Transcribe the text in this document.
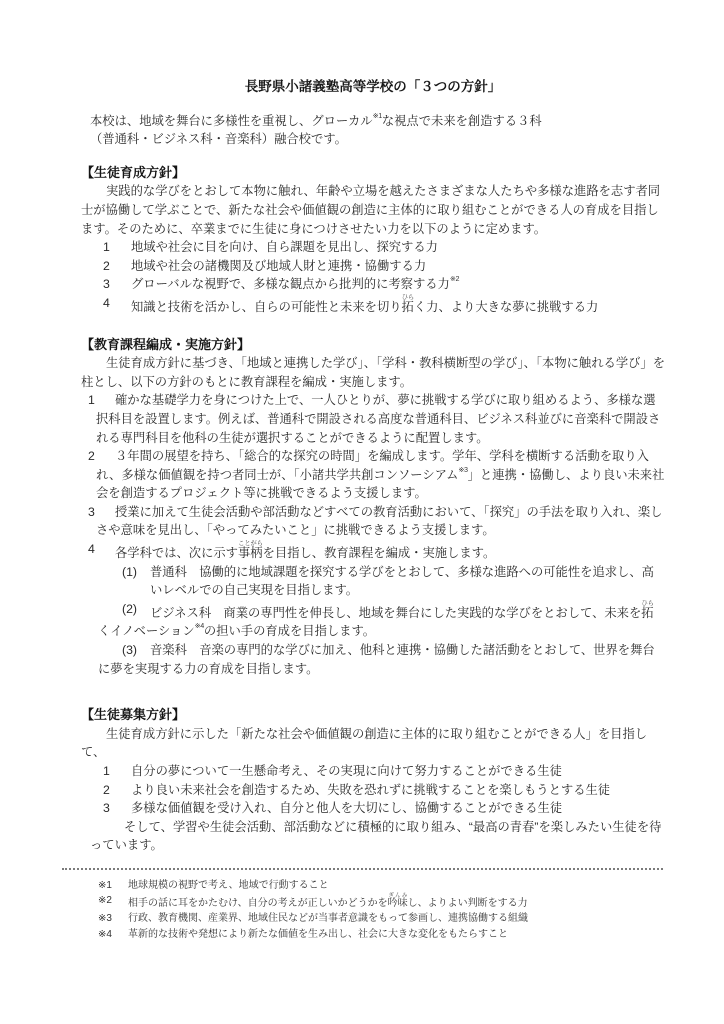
長野県小諸義塾高等学校の「３つの方針」
本校は、地域を舞台に多様性を重視し、グローカル$^{※1}$な視点で未来を創造する３科
（普通科・ビジネス科・音楽科）融合校です。
【生徒育成方針】
実践的な学びをとおして本物に触れ、年齢や立場を越えたさまざまな人たちや多様な進路を志す者同士が協働して学ぶことで、新たな社会や価値観の創造に主体的に取り組むことができる人の育成を目指します。そのために、卒業までに生徒に身につけさせたい力を以下のように定めます。
1	地域や社会に目を向け、自ら課題を見出し、探究する力
2	地域や社会の諸機関及び地域人財と連携・協働する力
3	グローバルな視野で、多様な観点から批判的に考察する力$^{※2}$
4	知識と技術を活かし、自らの可能性と未来を切り拓ひらく力、より大きな夢に挑戦する力
【教育課程編成・実施方針】
生徒育成方針に基づき、「地域と連携した学び」、「学科・教科横断型の学び」、「本物に触れる学び」を柱とし、以下の方針のもとに教育課程を編成・実施します。
1 確かな基礎学力を身につけた上で、一人ひとりが、夢に挑戦する学びに取り組めるよう、多様な選択科目を設置します。例えば、普通科で開設される高度な普通科目、ビジネス科並びに音楽科で開設される専門科目を他科の生徒が選択することができるように配置します。
2 ３年間の展望を持ち、「総合的な探究の時間」を編成します。学年、学科を横断する活動を取り入れ、多様な価値観を持つ者同士が、「小諸共学共創コンソーシアム$^{※3}$」と連携・協働し、より良い未来社会を創造するプロジェクト等に挑戦できるよう支援します。
3 授業に加えて生徒会活動や部活動などすべての教育活動において、「探究」の手法を取り入れ、楽しさや意味を見出し、「やってみたいこと」に挑戦できるよう支援します。
4 各学科では、次に示す事柄ことがらを目指し、教育課程を編成・実施します。
(1)	普通科　協働的に地域課題を探究する学びをとおして、多様な進路への可能性を追求し、高いレベルでの自己実現を目指します。
(2) ビジネス科　商業の専門性を伸長し、地域を舞台にした実践的な学びをとおして、未来を拓ひらくイノベーション$^{※4}$の担い手の育成を目指します。
(3) 音楽科　音楽の専門的な学びに加え、他科と連携・協働した諸活動をとおして、世界を舞台に夢を実現する力の育成を目指します。
【生徒募集方針】
生徒育成方針に示した「新たな社会や価値観の創造に主体的に取り組むことができる人」を目指して、
1	自分の夢について一生懸命考え、その実現に向けて努力することができる生徒
2	より良い未来社会を創造するため、失敗を恐れずに挑戦することを楽しもうとする生徒
3	多様な価値観を受け入れ、自分と他人を大切にし、協働することができる生徒
そして、学習や生徒会活動、部活動などに積極的に取り組み、“最高の青春”を楽しみたい生徒を待っています。
※1	地球規模の視野で考え、地域で行動すること
※2	相手の話に耳をかたむけ、自分の考えが正しいかどうかを吟味ぎんみし、よりよい判断をする力
※3	行政、教育機関、産業界、地域住民などが当事者意識をもって参画し、連携協働する組織
※4	革新的な技術や発想により新たな価値を生み出し、社会に大きな変化をもたらすこと
